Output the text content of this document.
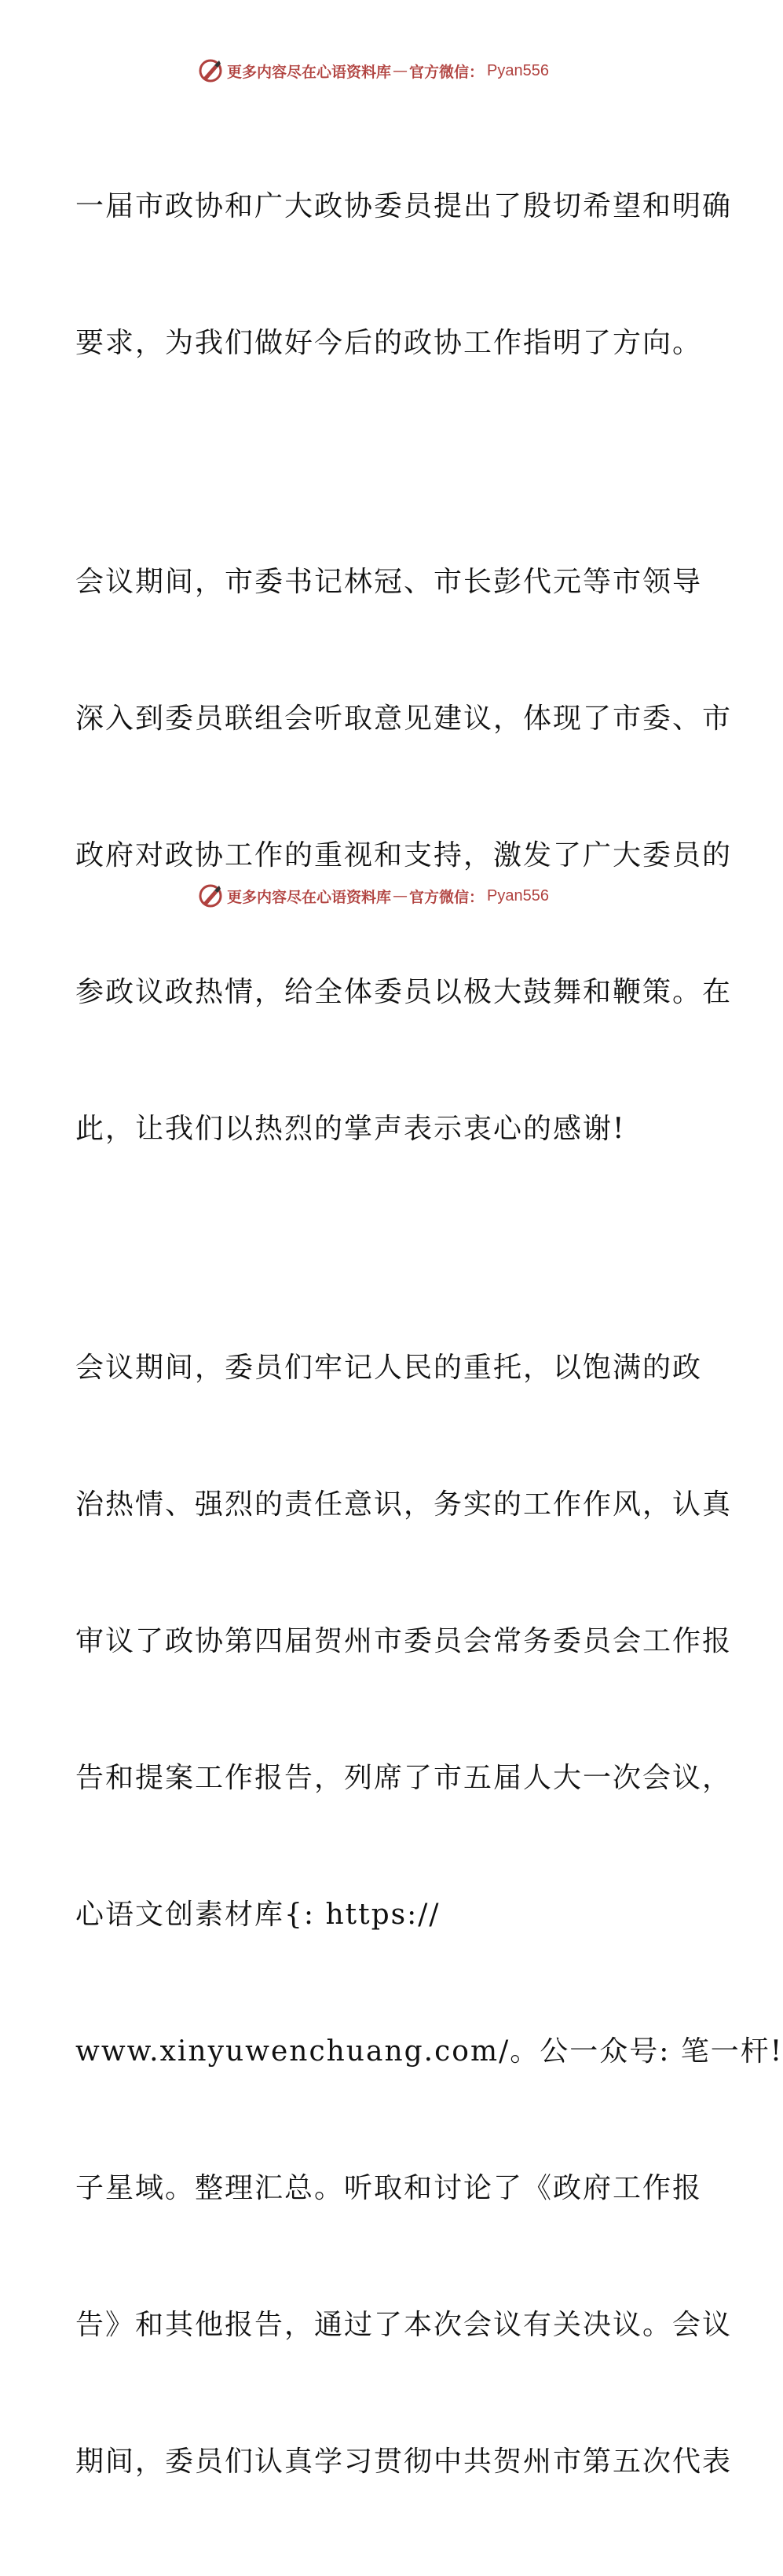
更多内容尽在心语资料库 — 官方微信： Pyan556

一届市政协和广大政协委员提出了殷切希望和明确

要求，为我们做好今后的政协工作指明了方向。

会议期间，市委书记林冠、市长彭代元等市领导

深入到委员联组会听取意见建议，体现了市委、市

政府对政协工作的重视和支持，激发了广大委员的

参政议政热情，给全体委员以极大鼓舞和鞭策。在

此，让我们以热烈的掌声表示衷心的感谢!

会议期间，委员们牢记人民的重托，以饱满的政

治热情、强烈的责任意识，务实的工作作风，认真

审议了政协第四届贺州市委员会常务委员会工作报

告和提案工作报告，列席了市五届人大一次会议，

心语文创素材库{: https://

www.xinyuwenchuang.com/。公一众号: 笔一杆!

子星域。整理汇总。听取和讨论了《政府工作报

告》和其他报告，通过了本次会议有关决议。会议

期间，委员们认真学习贯彻中共贺州市第五次代表

更多内容尽在心语资料库 — 官方微信： Pyan556
